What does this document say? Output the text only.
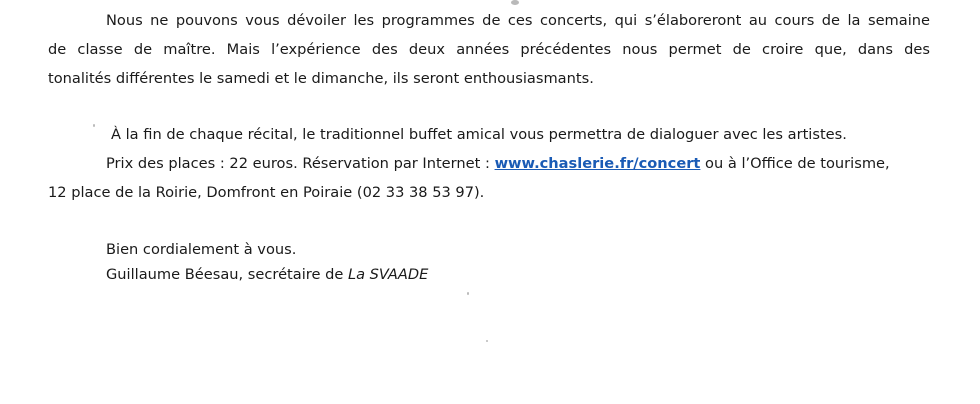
Nous ne pouvons vous dévoiler les programmes de ces concerts, qui s’élaboreront au cours de la semaine
de classe de maître. Mais l’expérience des deux années précédentes nous permet de croire que, dans des
tonalités différentes le samedi et le dimanche, ils seront enthousiasmants.
À la fin de chaque récital, le traditionnel buffet amical vous permettra de dialoguer avec les artistes.
Prix des places : 22 euros. Réservation par Internet : www.chaslerie.fr/concert ou à l’Office de tourisme,
12 place de la Roirie, Domfront en Poiraie (02 33 38 53 97).
Bien cordialement à vous.
Guillaume Béesau, secrétaire de La SVAADE
